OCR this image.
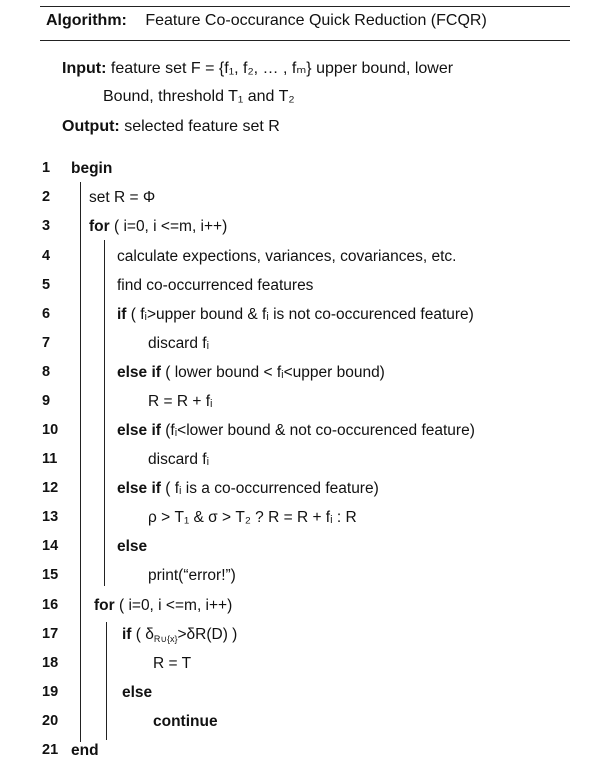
Algorithm: Feature Co-occurance Quick Reduction (FCQR)
Input: feature set F = {f₁, f₂, … , fₘ} upper bound, lower
Bound, threshold T₁ and T₂
Output: selected feature set R
1	begin
2	set R = Φ
3	for ( i=0, i <=m, i++)
4	calculate expections, variances, covariances, etc.
5	find co-occurrenced features
6	if ( fᵢ>upper bound & fᵢ is not co-occurenced feature)
7	discard fᵢ
8	else if ( lower bound < fᵢ<upper bound)
9	R = R + fᵢ
10	else if (fᵢ<lower bound & not co-occurenced feature)
11	discard fᵢ
12	else if ( fᵢ is a co-occurrenced feature)
13	ρ > T₁ & σ > T₂ ? R = R + fᵢ : R
14	else
15	print(“error!”)
16 for ( i=0, i <=m, i++)
17	if ( δR∪{x}>δR(D) )
18	R = T
19	else
20	continue
21 end
